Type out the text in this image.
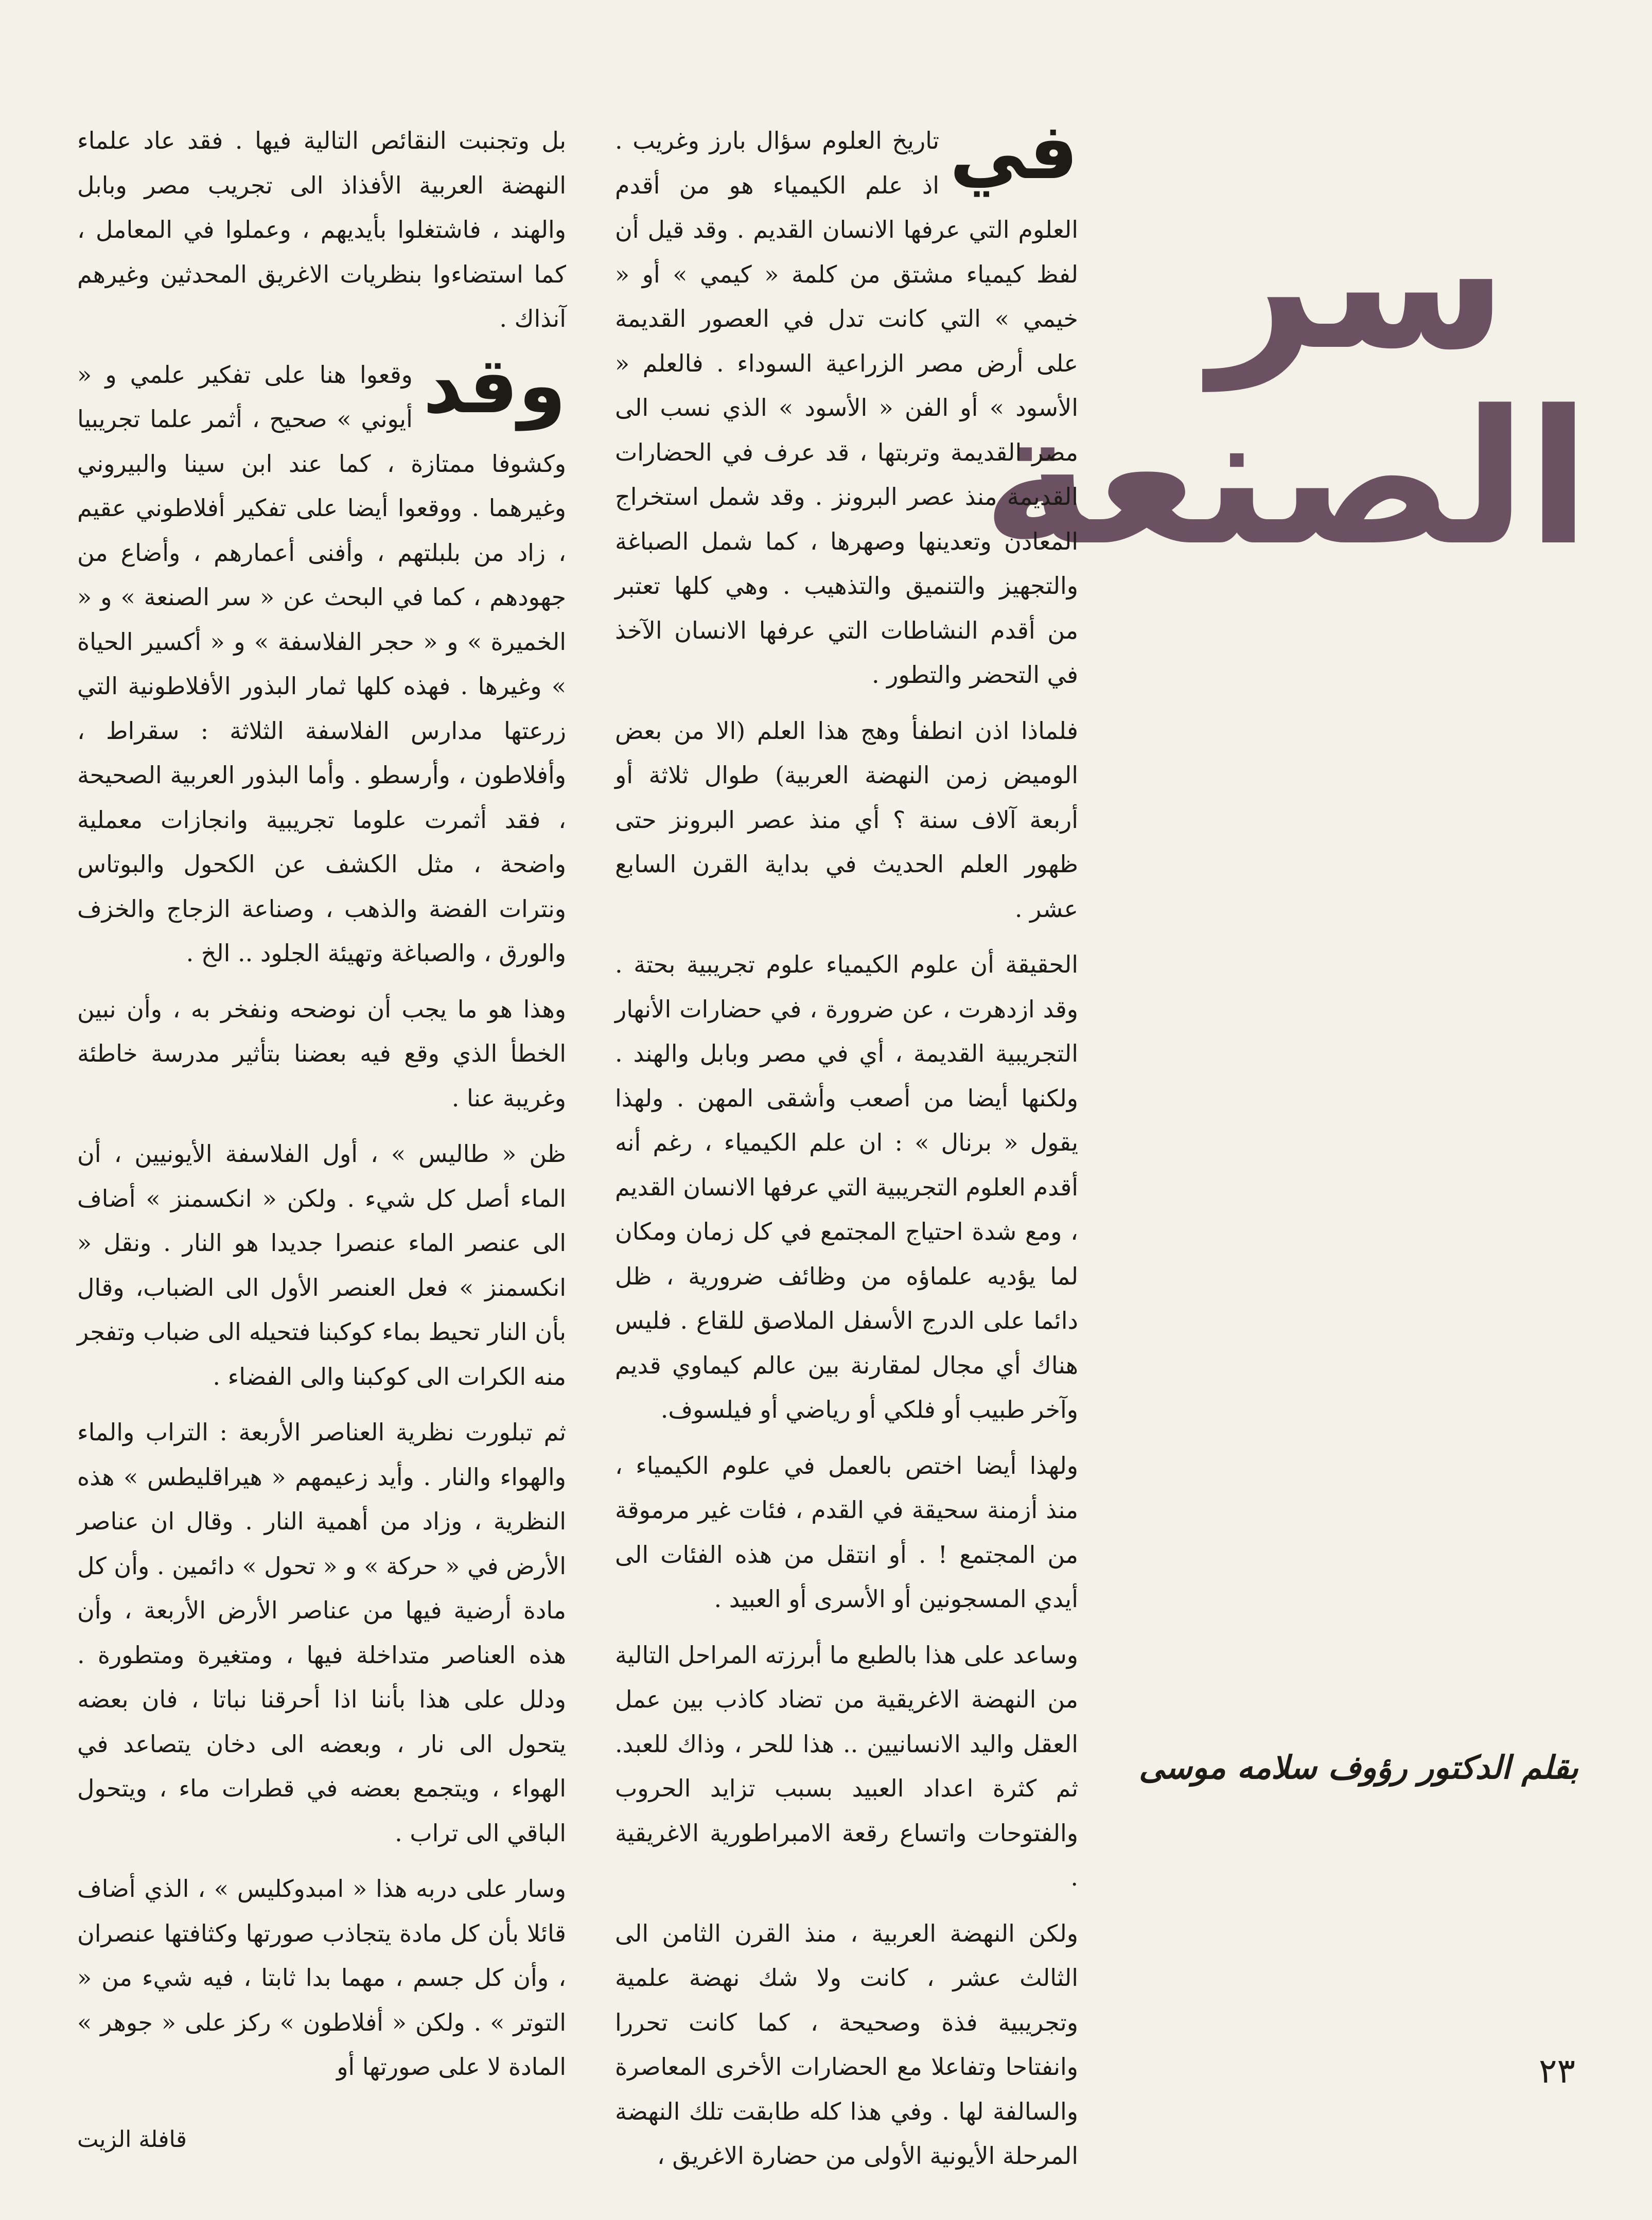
سر
الصنعة

في
تاريخ العلوم سؤال بارز وغريب . اذ علم الكيمياء هو من أقدم العلوم التي عرفها الانسان القديم . وقد قيل أن لفظ كيمياء مشتق من كلمة « كيمي » أو « خيمي » التي كانت تدل في العصور القديمة على أرض مصر الزراعية السوداء . فالعلم « الأسود » أو الفن « الأسود » الذي نسب الى مصر القديمة وتربتها ، قد عرف في الحضارات القديمة منذ عصر البرونز . وقد شمل استخراج المعادن وتعدينها وصهرها ، كما شمل الصباغة والتجهيز والتنميق والتذهيب . وهي كلها تعتبر من أقدم النشاطات التي عرفها الانسان الآخذ في التحضر والتطور .

فلماذا اذن انطفأ وهج هذا العلم (الا من بعض الوميض زمن النهضة العربية) طوال ثلاثة أو أربعة آلاف سنة ؟ أي منذ عصر البرونز حتى ظهور العلم الحديث في بداية القرن السابع عشر .

الحقيقة أن علوم الكيمياء علوم تجريبية بحتة . وقد ازدهرت ، عن ضرورة ، في حضارات الأنهار التجريبية القديمة ، أي في مصر وبابل والهند . ولكنها أيضا من أصعب وأشقى المهن . ولهذا يقول « برنال » : ان علم الكيمياء ، رغم أنه أقدم العلوم التجريبية التي عرفها الانسان القديم ، ومع شدة احتياج المجتمع في كل زمان ومكان لما يؤديه علماؤه من وظائف ضرورية ، ظل دائما على الدرج الأسفل الملاصق للقاع . فليس هناك أي مجال لمقارنة بين عالم كيماوي قديم وآخر طبيب أو فلكي أو رياضي أو فيلسوف.

ولهذا أيضا اختص بالعمل في علوم الكيمياء ، منذ أزمنة سحيقة في القدم ، فئات غير مرموقة من المجتمع ! . أو انتقل من هذه الفئات الى أيدي المسجونين أو الأسرى أو العبيد .

وساعد على هذا بالطبع ما أبرزته المراحل التالية من النهضة الاغريقية من تضاد كاذب بين عمل العقل واليد الانسانيين .. هذا للحر ، وذاك للعبد. ثم كثرة اعداد العبيد بسبب تزايد الحروب والفتوحات واتساع رقعة الامبراطورية الاغريقية .

ولكن النهضة العربية ، منذ القرن الثامن الى الثالث عشر ، كانت ولا شك نهضة علمية وتجريبية فذة وصحيحة ، كما كانت تحررا وانفتاحا وتفاعلا مع الحضارات الأخرى المعاصرة والسالفة لها . وفي هذا كله طابقت تلك النهضة المرحلة الأيونية الأولى من حضارة الاغريق ،

بل وتجنبت النقائص التالية فيها . فقد عاد علماء النهضة العربية الأفذاذ الى تجريب مصر وبابل والهند ، فاشتغلوا بأيديهم ، وعملوا في المعامل ، كما استضاءوا بنظريات الاغريق المحدثين وغيرهم آنذاك .

وقد
وقعوا هنا على تفكير علمي و « أيوني » صحيح ، أثمر علما تجريبيا وكشوفا ممتازة ، كما عند ابن سينا والبيروني وغيرهما . ووقعوا أيضا على تفكير أفلاطوني عقيم ، زاد من بلبلتهم ، وأفنى أعمارهم ، وأضاع من جهودهم ، كما في البحث عن « سر الصنعة » و « الخميرة » و « حجر الفلاسفة » و « أكسير الحياة » وغيرها . فهذه كلها ثمار البذور الأفلاطونية التي زرعتها مدارس الفلاسفة الثلاثة : سقراط ، وأفلاطون ، وأرسطو . وأما البذور العربية الصحيحة ، فقد أثمرت علوما تجريبية وانجازات معملية واضحة ، مثل الكشف عن الكحول والبوتاس ونترات الفضة والذهب ، وصناعة الزجاج والخزف والورق ، والصباغة وتهيئة الجلود .. الخ .

وهذا هو ما يجب أن نوضحه ونفخر به ، وأن نبين الخطأ الذي وقع فيه بعضنا بتأثير مدرسة خاطئة وغريبة عنا .

ظن « طاليس » ، أول الفلاسفة الأيونيين ، أن الماء أصل كل شيء . ولكن « انكسمنز » أضاف الى عنصر الماء عنصرا جديدا هو النار . ونقل « انكسمنز » فعل العنصر الأول الى الضباب، وقال بأن النار تحيط بماء كوكبنا فتحيله الى ضباب وتفجر منه الكرات الى كوكبنا والى الفضاء .

ثم تبلورت نظرية العناصر الأربعة : التراب والماء والهواء والنار . وأيد زعيمهم « هيراقليطس » هذه النظرية ، وزاد من أهمية النار . وقال ان عناصر الأرض في « حركة » و « تحول » دائمين . وأن كل مادة أرضية فيها من عناصر الأرض الأربعة ، وأن هذه العناصر متداخلة فيها ، ومتغيرة ومتطورة . ودلل على هذا بأننا اذا أحرقنا نباتا ، فان بعضه يتحول الى نار ، وبعضه الى دخان يتصاعد في الهواء ، ويتجمع بعضه في قطرات ماء ، ويتحول الباقي الى تراب .

وسار على دربه هذا « امبدوكليس » ، الذي أضاف قائلا بأن كل مادة يتجاذب صورتها وكثافتها عنصران ، وأن كل جسم ، مهما بدا ثابتا ، فيه شيء من « التوتر » . ولكن « أفلاطون » ركز على « جوهر » المادة لا على صورتها أو

بقلم الدكتور رؤوف سلامه موسى
٢٣
قافلة الزيت
